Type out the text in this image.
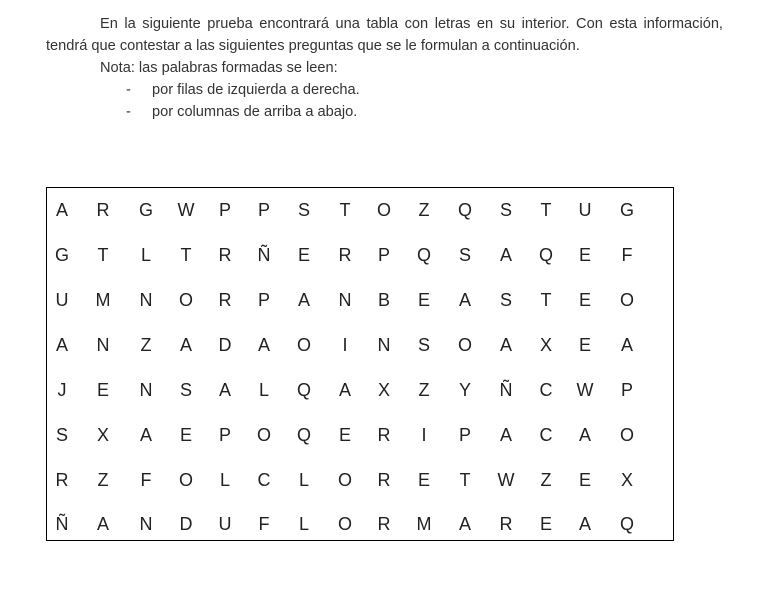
En la siguiente prueba encontrará una tabla con letras en su interior. Con esta información, tendrá que contestar a las siguientes preguntas que se le formulan a continuación.

Nota: las palabras formadas se leen:

-	por filas de izquierda a derecha.
-	por columnas de arriba a abajo.
A	R	G	W	P	P	S	T	O	Z	Q	S	T	U	G
G	T	L	T	R	Ñ	E	R	P	Q	S	A	Q	E	F
U	M	N	O	R	P	A	N	B	E	A	S	T	E	O
A	N	Z	A	D	A	O	I	N	S	O	A	X	E	A
J	E	N	S	A	L	Q	A	X	Z	Y	Ñ	C	W	P
S	X	A	E	P	O	Q	E	R	I	P	A	C	A	O
R	Z	F	O	L	C	L	O	R	E	T	W	Z	E	X
Ñ	A	N	D	U	F	L	O	R	M	A	R	E	A	Q
